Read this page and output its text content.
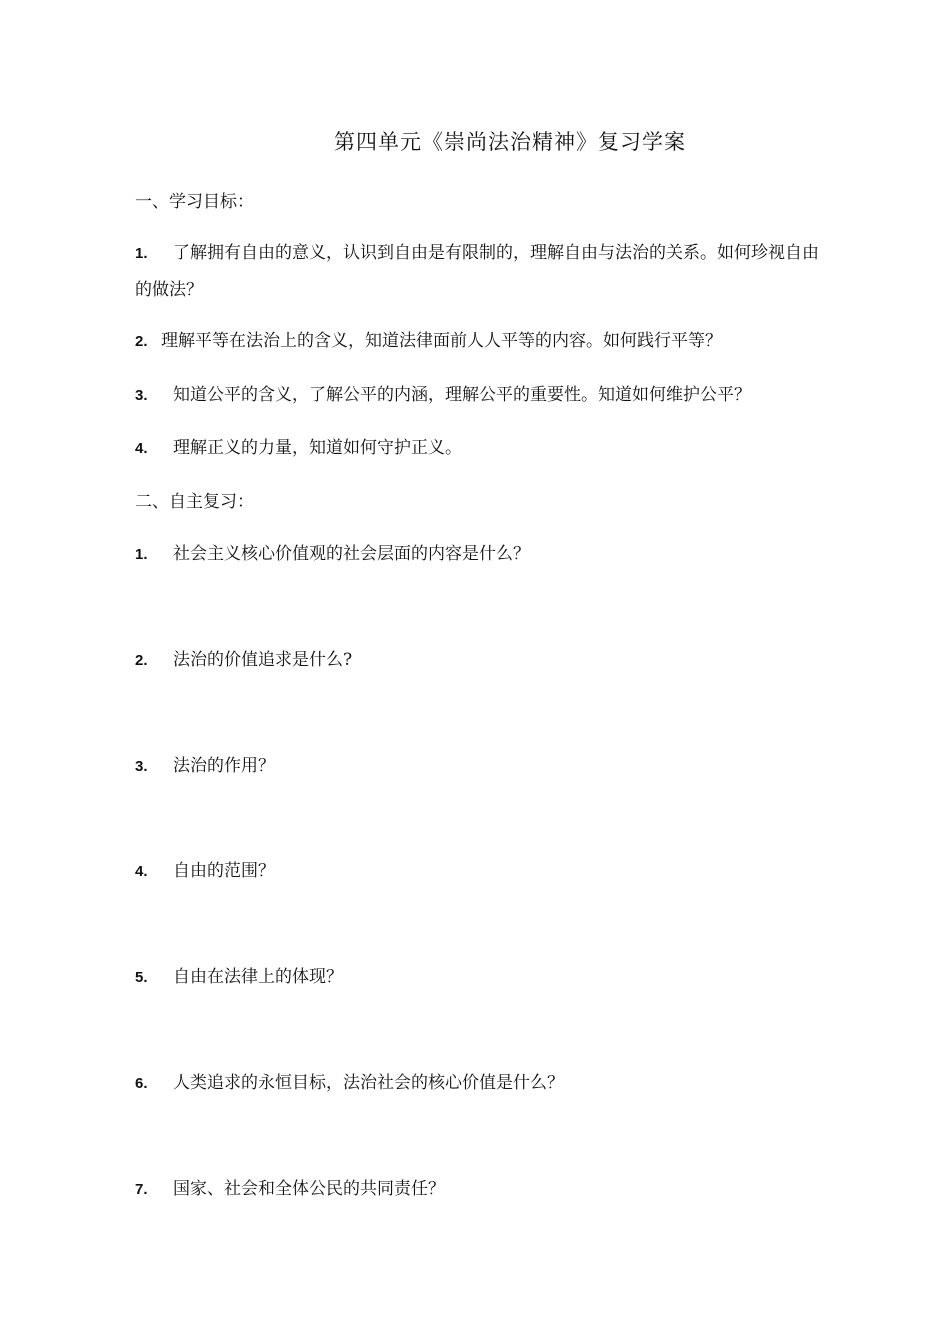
第四单元《崇尚法治精神》复习学案
一、学习目标：
1. 了解拥有自由的意义，认识到自由是有限制的，理解自由与法治的关系。如何珍视自由的做法？
2. 理解平等在法治上的含义，知道法律面前人人平等的内容。如何践行平等？
3. 知道公平的含义，了解公平的内涵，理解公平的重要性。知道如何维护公平？
4. 理解正义的力量，知道如何守护正义。
二、自主复习：
1. 社会主义核心价值观的社会层面的内容是什么？
2. 法治的价值追求是什么?
3. 法治的作用？
4. 自由的范围？
5. 自由在法律上的体现？
6. 人类追求的永恒目标，法治社会的核心价值是什么？
7. 国家、社会和全体公民的共同责任？
